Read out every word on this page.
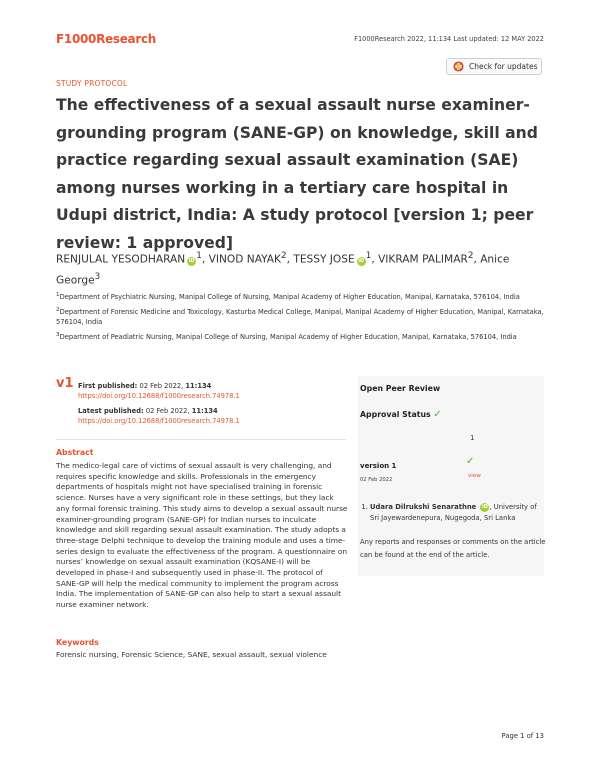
F1000Research	F1000Research 2022, 11:134 Last updated: 12 MAY 2022
Check for updates
STUDY PROTOCOL
The effectiveness of a sexual assault nurse examiner-grounding program (SANE-GP) on knowledge, skill and practice regarding sexual assault examination (SAE) among nurses working in a tertiary care hospital in Udupi district, India: A study protocol [version 1; peer review: 1 approved]
RENJULAL YESODHARAN iD $^1$, VINOD NAYAK$^2$, TESSY JOSE iD $^1$, VIKRAM PALIMAR$^2$, Anice George$^3$

$^1$Department of Psychiatric Nursing, Manipal College of Nursing, Manipal Academy of Higher Education, Manipal, Karnataka, 576104, India

$^2$Department of Forensic Medicine and Toxicology, Kasturba Medical College, Manipal, Manipal Academy of Higher Education, Manipal, Karnataka, 576104, India

$^3$Department of Peadiatric Nursing, Manipal College of Nursing, Manipal Academy of Higher Education, Manipal, Karnataka, 576104, India

v1 First published: 02 Feb 2022, 11:134
https://doi.org/10.12688/f1000research.74978.1
Latest published: 02 Feb 2022, 11:134
https://doi.org/10.12688/f1000research.74978.1
Abstract
The medico-legal care of victims of sexual assault is very challenging, and requires specific knowledge and skills. Professionals in the emergency departments of hospitals might not have specialised training in forensic science. Nurses have a very significant role in these settings, but they lack any formal forensic training. This study aims to develop a sexual assault nurse examiner-grounding program (SANE-GP) for Indian nurses to inculcate knowledge and skill regarding sexual assault examination. The study adopts a three-stage Delphi technique to develop the training module and uses a time-series design to evaluate the effectiveness of the program. A questionnaire on nurses’ knowledge on sexual assault examination (KQSANE-I) will be developed in phase-I and subsequently used in phase-II. The protocol of SANE-GP will help the medical community to implement the program across India. The implementation of SANE-GP can also help to start a sexual assault nurse examiner network.
Keywords
Forensic nursing, Forensic Science, SANE, sexual assault, sexual violence
Open Peer Review
Approval Status ✓
1
version 1
02 Feb 2022
✓
view
1. Udara Dilrukshi Senarathne iD , University of Sri Jayewardenepura, Nugegoda, Sri Lanka
Any reports and responses or comments on the article can be found at the end of the article.
Page 1 of 13
